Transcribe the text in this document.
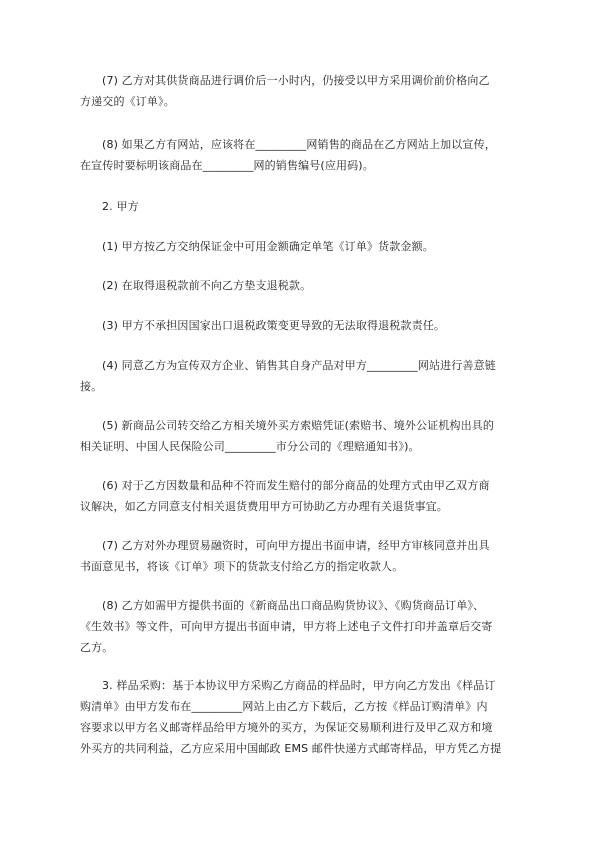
(7) 乙方对其供货商品进行调价后一小时内，仍接受以甲方采用调价前价格向乙
方递交的《订单》。

(8) 如果乙方有网站，应该将在_________网销售的商品在乙方网站上加以宣传，
在宣传时要标明该商品在_________网的销售编号(应用码)。

2. 甲方

(1) 甲方按乙方交纳保证金中可用金额确定单笔《订单》货款金额。

(2) 在取得退税款前不向乙方垫支退税款。

(3) 甲方不承担因国家出口退税政策变更导致的无法取得退税款责任。

(4) 同意乙方为宣传双方企业、销售其自身产品对甲方_________网站进行善意链
接。

(5) 新商品公司转交给乙方相关境外买方索赔凭证(索赔书、境外公证机构出具的
相关证明、中国人民保险公司_________市分公司的《理赔通知书》)。

(6) 对于乙方因数量和品种不符而发生赔付的部分商品的处理方式由甲乙双方商
议解决，如乙方同意支付相关退货费用甲方可协助乙方办理有关退货事宜。

(7) 乙方对外办理贸易融资时，可向甲方提出书面申请，经甲方审核同意并出具
书面意见书，将该《订单》项下的货款支付给乙方的指定收款人。

(8) 乙方如需甲方提供书面的《新商品出口商品购货协议》、《购货商品订单》、
《生效书》等文件，可向甲方提出书面申请，甲方将上述电子文件打印并盖章后交寄
乙方。

3. 样品采购：基于本协议甲方采购乙方商品的样品时，甲方向乙方发出《样品订
购清单》由甲方发布在_________网站上由乙方下载后，乙方按《样品订购清单》内
容要求以甲方名义邮寄样品给甲方境外的买方，为保证交易顺利进行及甲乙双方和境
外买方的共同利益，乙方应采用中国邮政 EMS 邮件快递方式邮寄样品，甲方凭乙方提
